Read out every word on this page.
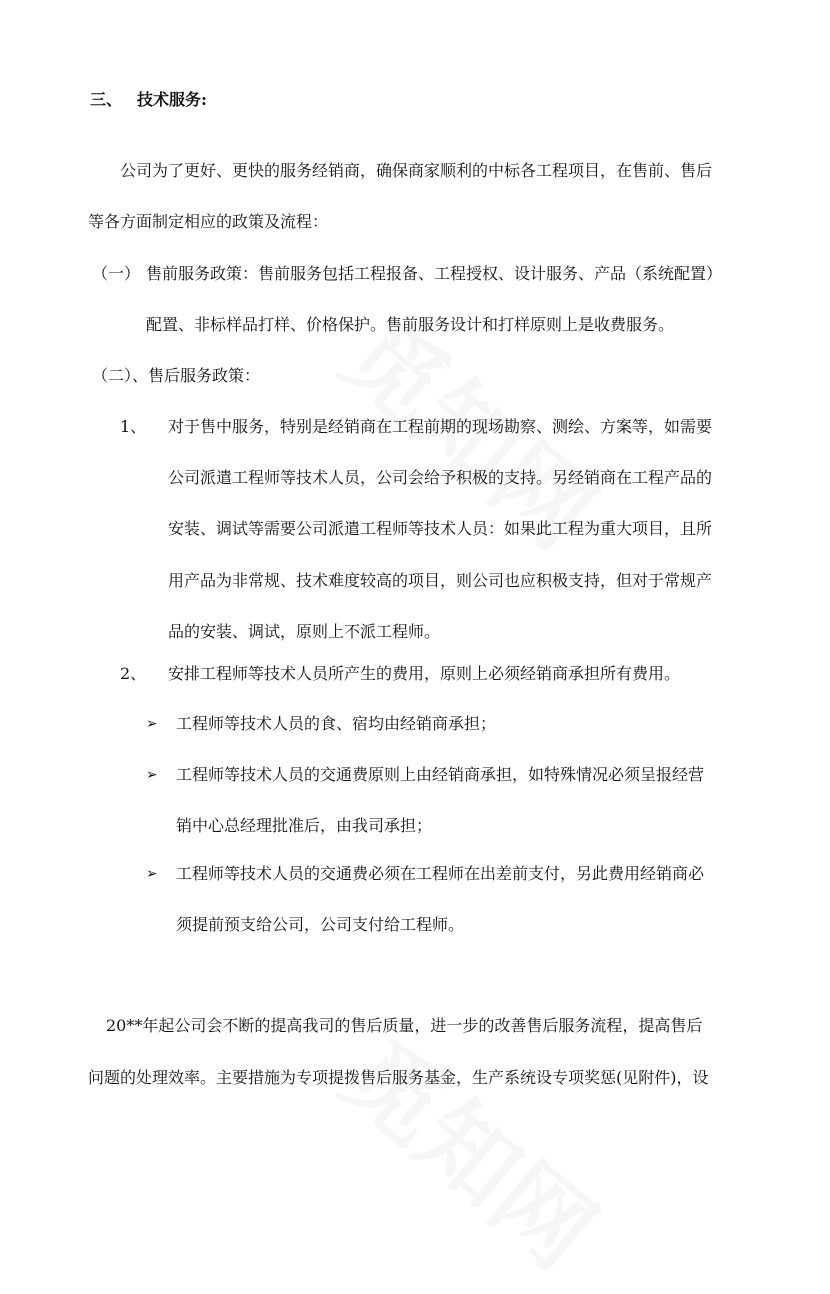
三、 技术服务:
公司为了更好、更快的服务经销商，确保商家顺利的中标各工程项目，在售前、售后
等各方面制定相应的政策及流程：
（一） 售前服务政策：售前服务包括工程报备、工程授权、设计服务、产品（系统配置）
配置、非标样品打样、价格保护。售前服务设计和打样原则上是收费服务。
（二）、售后服务政策：
1、 对于售中服务，特别是经销商在工程前期的现场勘察、测绘、方案等，如需要
公司派遣工程师等技术人员，公司会给予积极的支持。另经销商在工程产品的
安装、调试等需要公司派遣工程师等技术人员：如果此工程为重大项目，且所
用产品为非常规、技术难度较高的项目，则公司也应积极支持，但对于常规产
品的安装、调试，原则上不派工程师。
2、 安排工程师等技术人员所产生的费用，原则上必须经销商承担所有费用。
➢ 工程师等技术人员的食、宿均由经销商承担；
➢ 工程师等技术人员的交通费原则上由经销商承担，如特殊情况必须呈报经营
销中心总经理批准后，由我司承担；
➢ 工程师等技术人员的交通费必须在工程师在出差前支付，另此费用经销商必
须提前预支给公司，公司支付给工程师。
20**年起公司会不断的提高我司的售后质量，进一步的改善售后服务流程，提高售后
问题的处理效率。主要措施为专项提拨售后服务基金，生产系统设专项奖惩(见附件)，设
